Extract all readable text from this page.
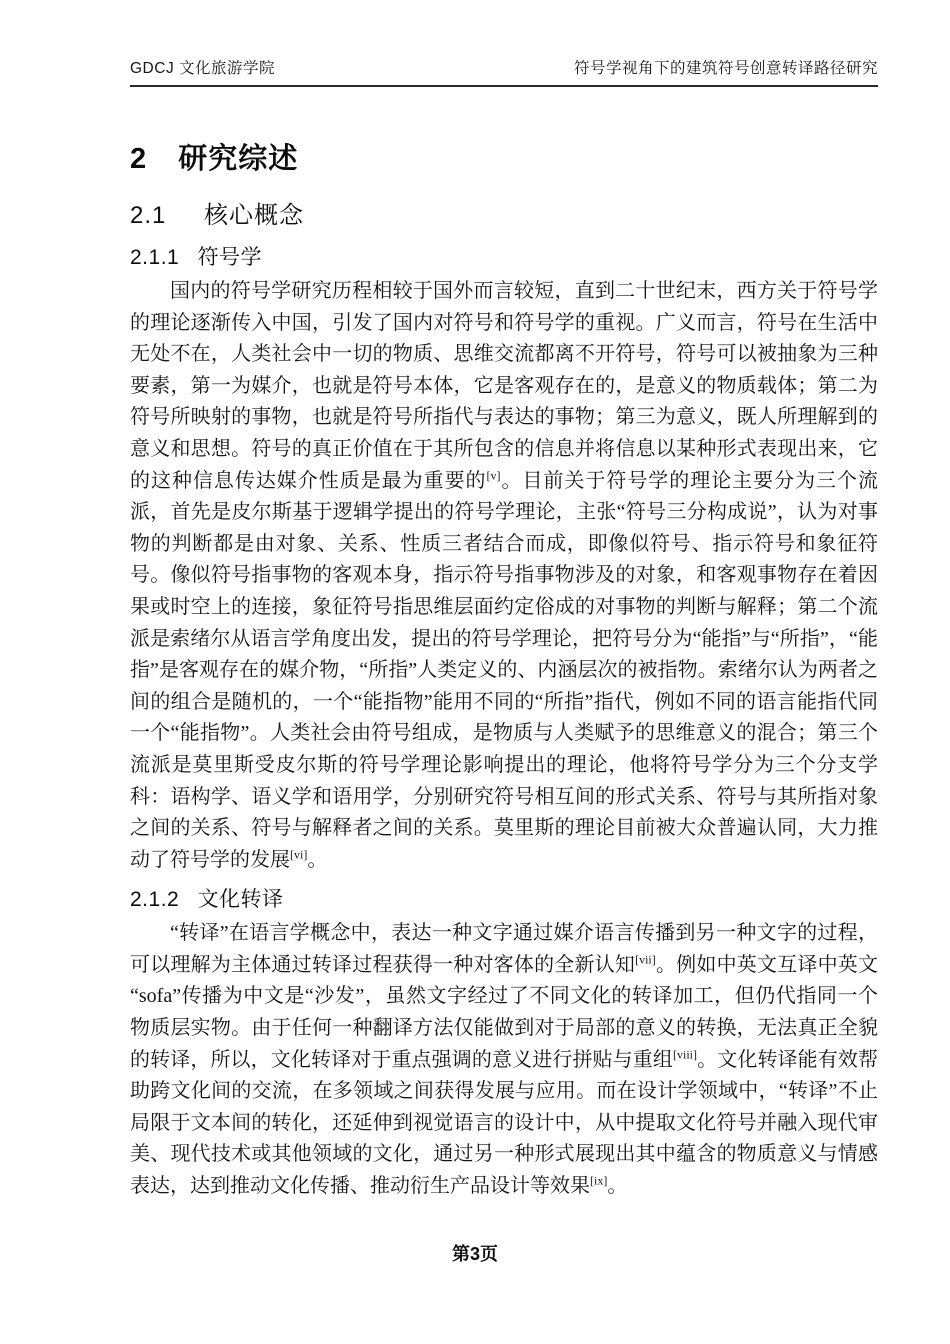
GDCJ 文化旅游学院	符号学视角下的建筑符号创意转译路径研究
2 研究综述
2.1 核心概念
2.1.1 符号学

国内的符号学研究历程相较于国外而言较短，直到二十世纪末，西方关于符号学的理论逐渐传入中国，引发了国内对符号和符号学的重视。广义而言，符号在生活中无处不在，人类社会中一切的物质、思维交流都离不开符号，符号可以被抽象为三种要素，第一为媒介，也就是符号本体，它是客观存在的，是意义的物质载体；第二为符号所映射的事物，也就是符号所指代与表达的事物；第三为意义，既人所理解到的意义和思想。符号的真正价值在于其所包含的信息并将信息以某种形式表现出来，它的这种信息传达媒介性质是最为重要的[v]。目前关于符号学的理论主要分为三个流派，首先是皮尔斯基于逻辑学提出的符号学理论，主张“符号三分构成说”，认为对事物的判断都是由对象、关系、性质三者结合而成，即像似符号、指示符号和象征符号。像似符号指事物的客观本身，指示符号指事物涉及的对象，和客观事物存在着因果或时空上的连接，象征符号指思维层面约定俗成的对事物的判断与解释；第二个流派是索绪尔从语言学角度出发，提出的符号学理论，把符号分为“能指”与“所指”，“能指”是客观存在的媒介物，“所指”人类定义的、内涵层次的被指物。索绪尔认为两者之间的组合是随机的，一个“能指物”能用不同的“所指”指代，例如不同的语言能指代同一个“能指物”。人类社会由符号组成，是物质与人类赋予的思维意义的混合；第三个流派是莫里斯受皮尔斯的符号学理论影响提出的理论，他将符号学分为三个分支学科：语构学、语义学和语用学，分别研究符号相互间的形式关系、符号与其所指对象之间的关系、符号与解释者之间的关系。莫里斯的理论目前被大众普遍认同，大力推动了符号学的发展[vi]。

2.1.2 文化转译

“转译”在语言学概念中，表达一种文字通过媒介语言传播到另一种文字的过程，可以理解为主体通过转译过程获得一种对客体的全新认知[vii]。例如中英文互译中英文“sofa”传播为中文是“沙发”，虽然文字经过了不同文化的转译加工，但仍代指同一个物质层实物。由于任何一种翻译方法仅能做到对于局部的意义的转换，无法真正全貌的转译，所以，文化转译对于重点强调的意义进行拼贴与重组[viii]。文化转译能有效帮助跨文化间的交流，在多领域之间获得发展与应用。而在设计学领域中，“转译”不止局限于文本间的转化，还延伸到视觉语言的设计中，从中提取文化符号并融入现代审美、现代技术或其他领域的文化，通过另一种形式展现出其中蕴含的物质意义与情感表达，达到推动文化传播、推动衍生产品设计等效果[ix]。

第3页
